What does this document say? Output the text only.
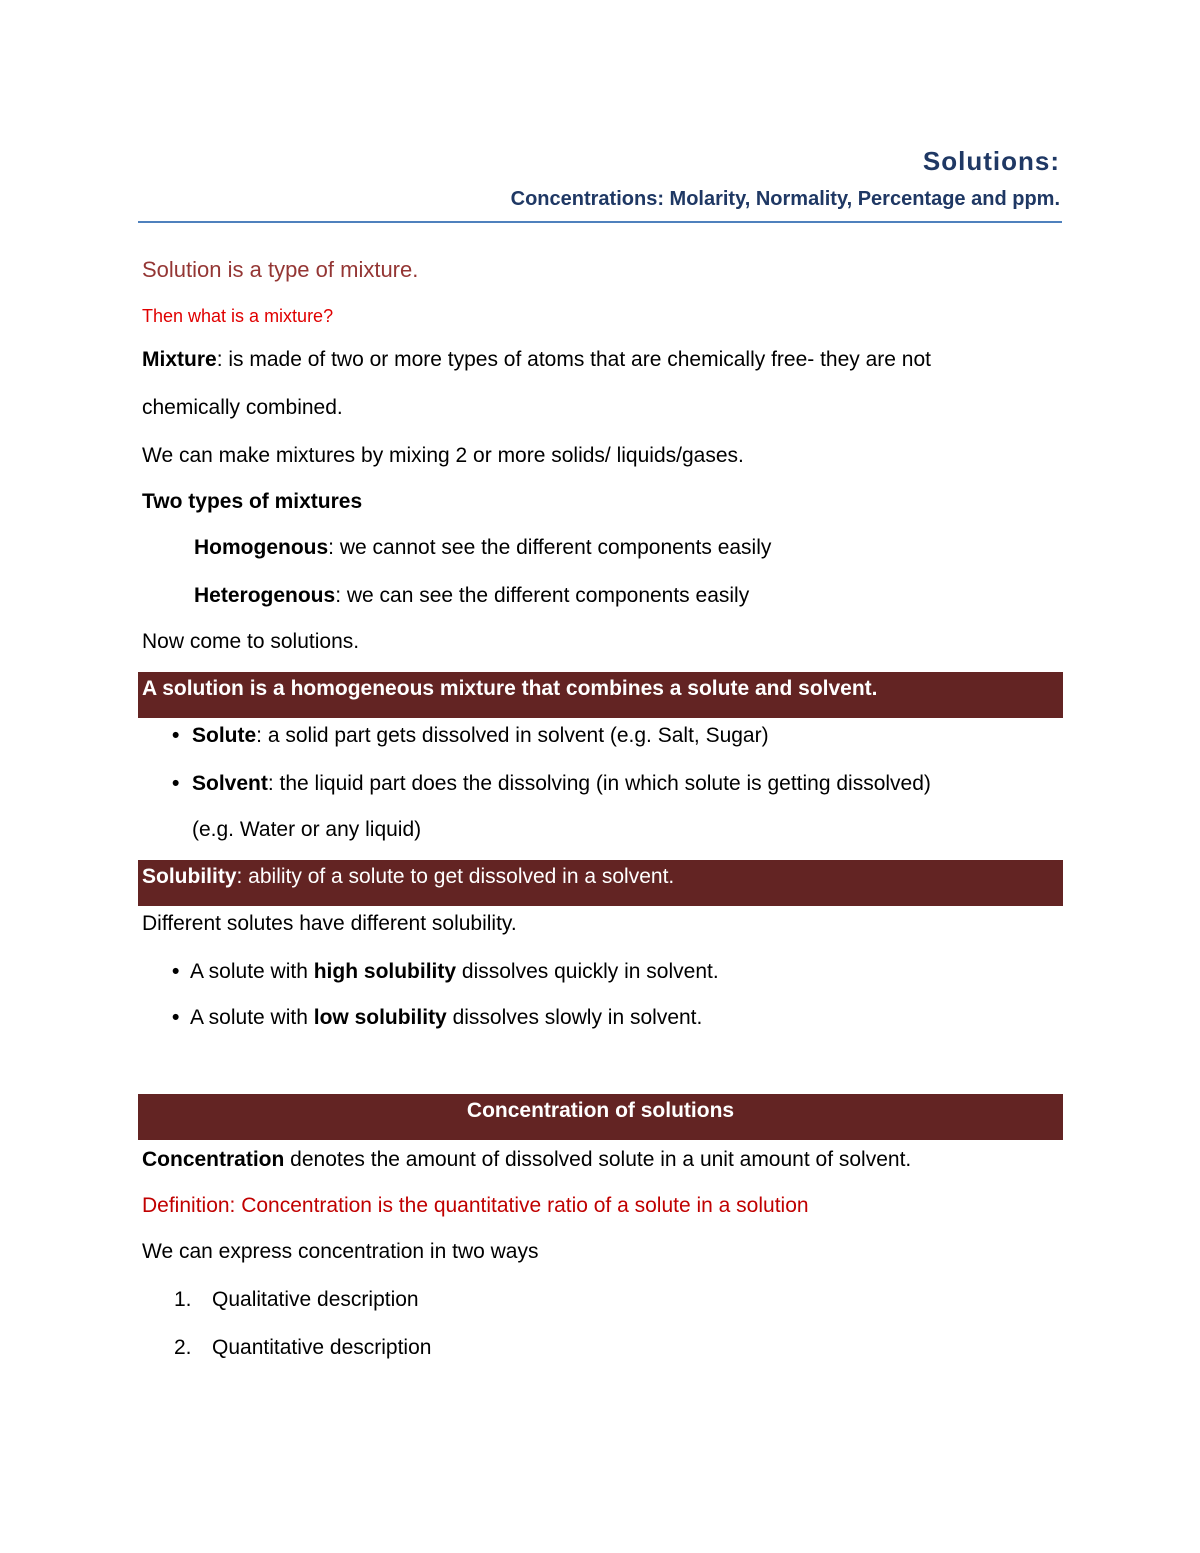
Solutions:
Concentrations: Molarity, Normality, Percentage and ppm.
Solution is a type of mixture.
Then what is a mixture?
Mixture: is made of two or more types of atoms that are chemically free- they are not
chemically combined.
We can make mixtures by mixing 2 or more solids/ liquids/gases.
Two types of mixtures
Homogenous: we cannot see the different components easily
Heterogenous: we can see the different components easily
Now come to solutions.
A solution is a homogeneous mixture that combines a solute and solvent.
• Solute: a solid part gets dissolved in solvent (e.g. Salt, Sugar)
• Solvent: the liquid part does the dissolving (in which solute is getting dissolved)
(e.g. Water or any liquid)
Solubility: ability of a solute to get dissolved in a solvent.
Different solutes have different solubility.
• A solute with high solubility dissolves quickly in solvent.
• A solute with low solubility dissolves slowly in solvent.
Concentration of solutions
Concentration denotes the amount of dissolved solute in a unit amount of solvent.
Definition: Concentration is the quantitative ratio of a solute in a solution
We can express concentration in two ways
1. Qualitative description
2. Quantitative description
